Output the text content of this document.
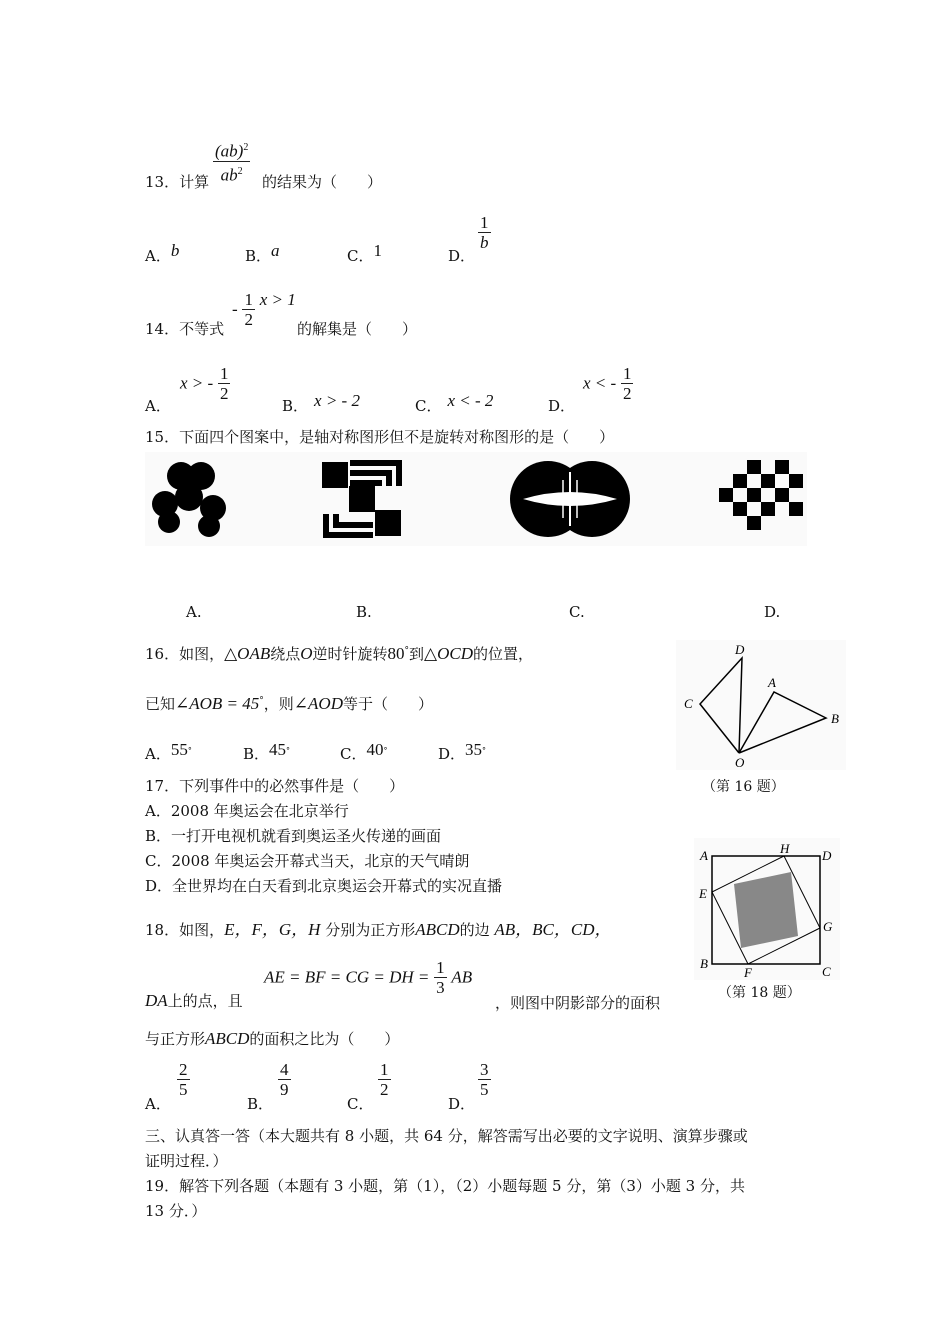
13．计算 $\frac{(ab)^2}{ab^2}$ 的结果为（　　）
A．b	B．a	C．1	D．
$\frac{1}{b}$
14．不等式
- $\frac{1}{2}$ x > 1
的解集是（　　）
A．
x > - $\frac{1}{2}$
B． x > - 2	C． x < - 2	D．
x < - $\frac{1}{2}$
15．下面四个图案中，是轴对称图形但不是旋转对称图形的是（　　）
A.	B.	C.	D.
16．如图，△OAB绕点O逆时针旋转80°到△OCD的位置，
已知∠AOB = 45°，则∠AOD等于（　　）
A．55°	B．45°	C．40°	D．35°
D
C
A
B
O
（第 16 题）
17．下列事件中的必然事件是（　　）
A．2008 年奥运会在北京举行
B．一打开电视机就看到奥运圣火传递的画面
C．2008 年奥运会开幕式当天，北京的天气晴朗
D．全世界均在白天看到北京奥运会开幕式的实况直播
18．如图，E，F，G，H 分别为正方形ABCD的边 AB，BC，CD，
DA上的点，且
AE = BF = CG = DH = $\frac{1}{3}$ AB
，则图中阴影部分的面积
与正方形ABCD的面积之比为（　　）
A．
$\frac{2}{5}$
B．
$\frac{4}{9}$
C．
$\frac{1}{2}$
D．
$\frac{3}{5}$
A	H	D
E
G
B
F	C
（第 18 题）
三、认真答一答（本大题共有 8 小题，共 64 分，解答需写出必要的文字说明、演算步骤或
证明过程．）
19．解答下列各题（本题有 3 小题，第（1），（2）小题每题 5 分，第（3）小题 3 分，共
13 分．）
